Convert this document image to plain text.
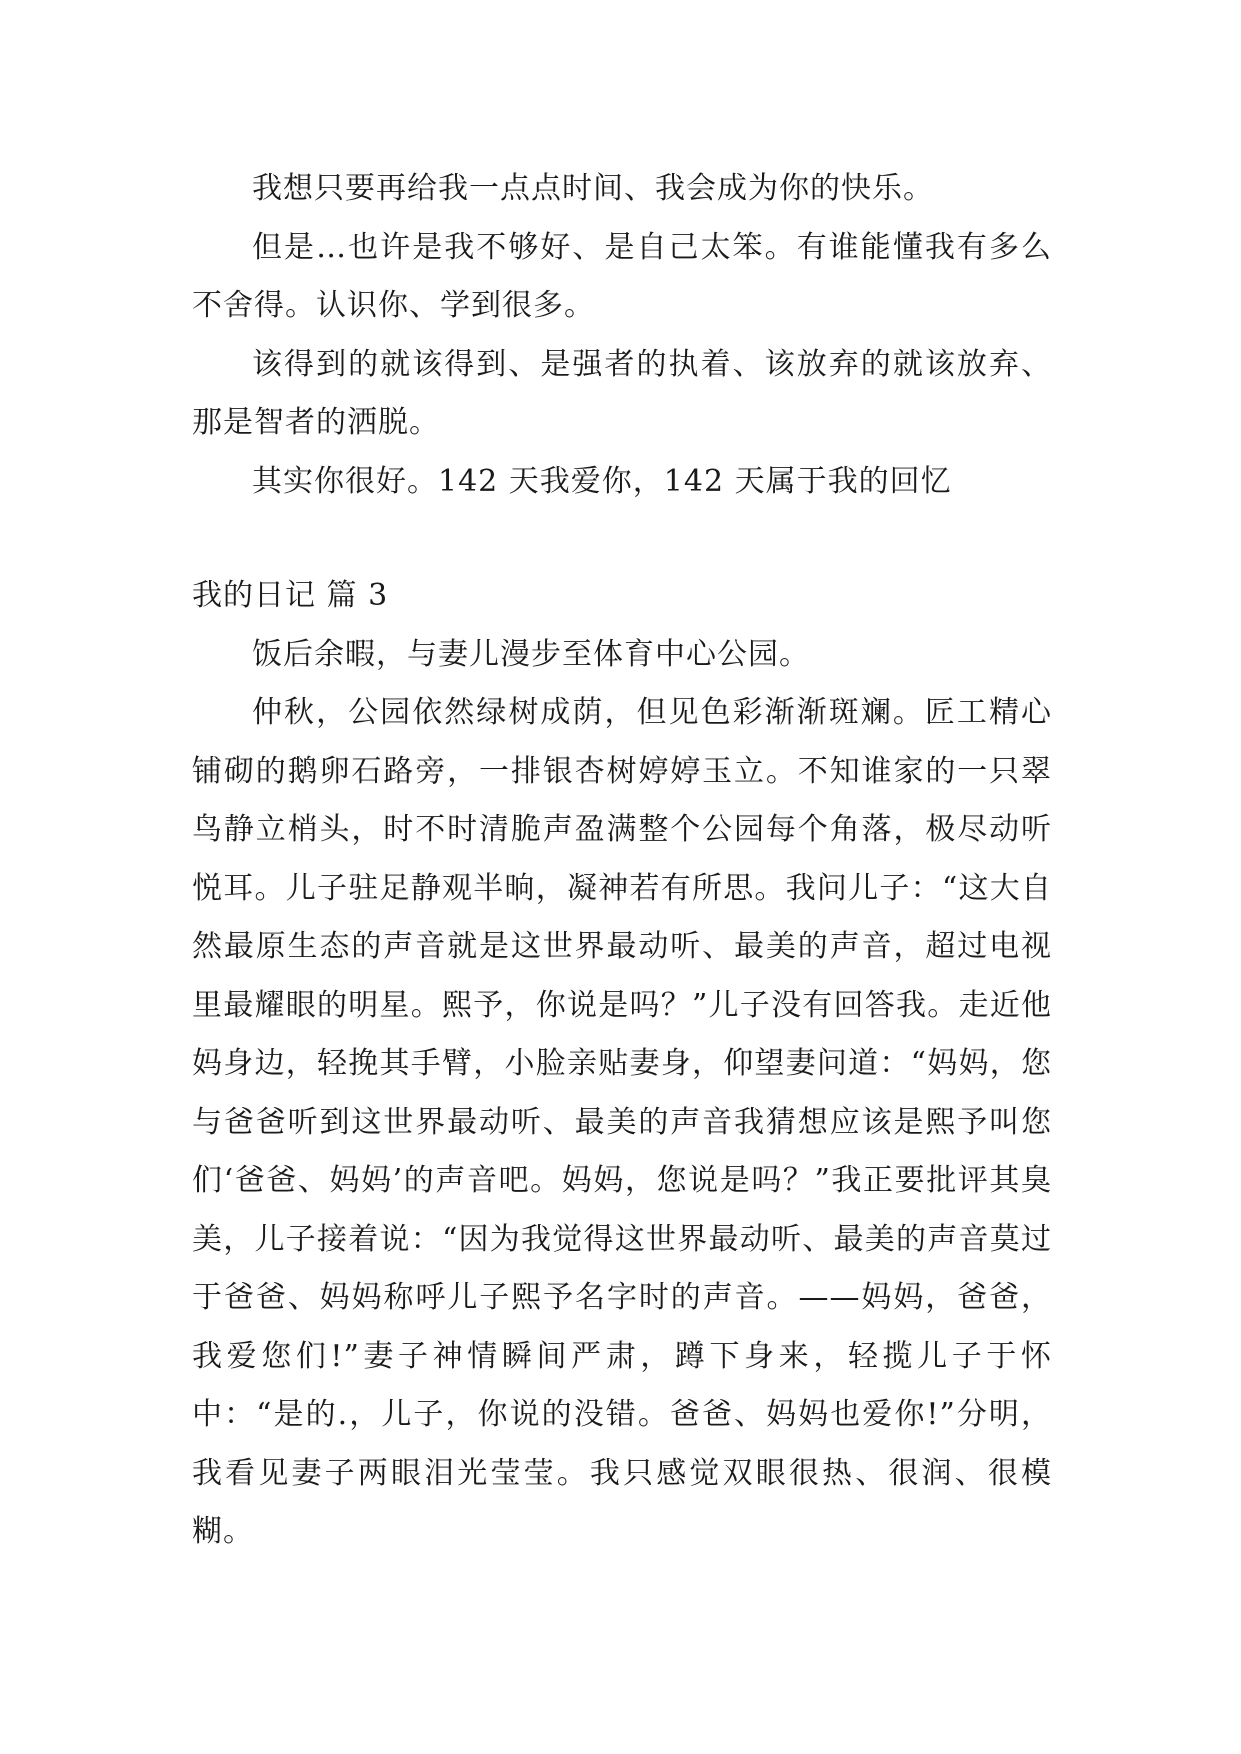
我想只要再给我一点点时间、我会成为你的快乐。

但是…也许是我不够好、是自己太笨。有谁能懂我有多么不舍得。认识你、学到很多。

该得到的就该得到、是强者的执着、该放弃的就该放弃、那是智者的洒脱。

其实你很好。142 天我爱你，142 天属于我的回忆

我的日记 篇 3

饭后余暇，与妻儿漫步至体育中心公园。

仲秋，公园依然绿树成荫，但见色彩渐渐斑斓。匠工精心铺砌的鹅卵石路旁，一排银杏树婷婷玉立。不知谁家的一只翠鸟静立梢头，时不时清脆声盈满整个公园每个角落，极尽动听悦耳。儿子驻足静观半晌，凝神若有所思。我问儿子：“这大自然最原生态的声音就是这世界最动听、最美的声音，超过电视里最耀眼的明星。熙予，你说是吗？”儿子没有回答我。走近他妈身边，轻挽其手臂，小脸亲贴妻身，仰望妻问道：“妈妈，您与爸爸听到这世界最动听、最美的声音我猜想应该是熙予叫您们‘爸爸、妈妈’的声音吧。妈妈，您说是吗？”我正要批评其臭美，儿子接着说：“因为我觉得这世界最动听、最美的声音莫过于爸爸、妈妈称呼儿子熙予名字时的声音。——妈妈，爸爸，我爱您们!”妻子神情瞬间严肃，蹲下身来，轻揽儿子于怀中：“是的.，儿子，你说的没错。爸爸、妈妈也爱你!”分明，我看见妻子两眼泪光莹莹。我只感觉双眼很热、很润、很模糊。
